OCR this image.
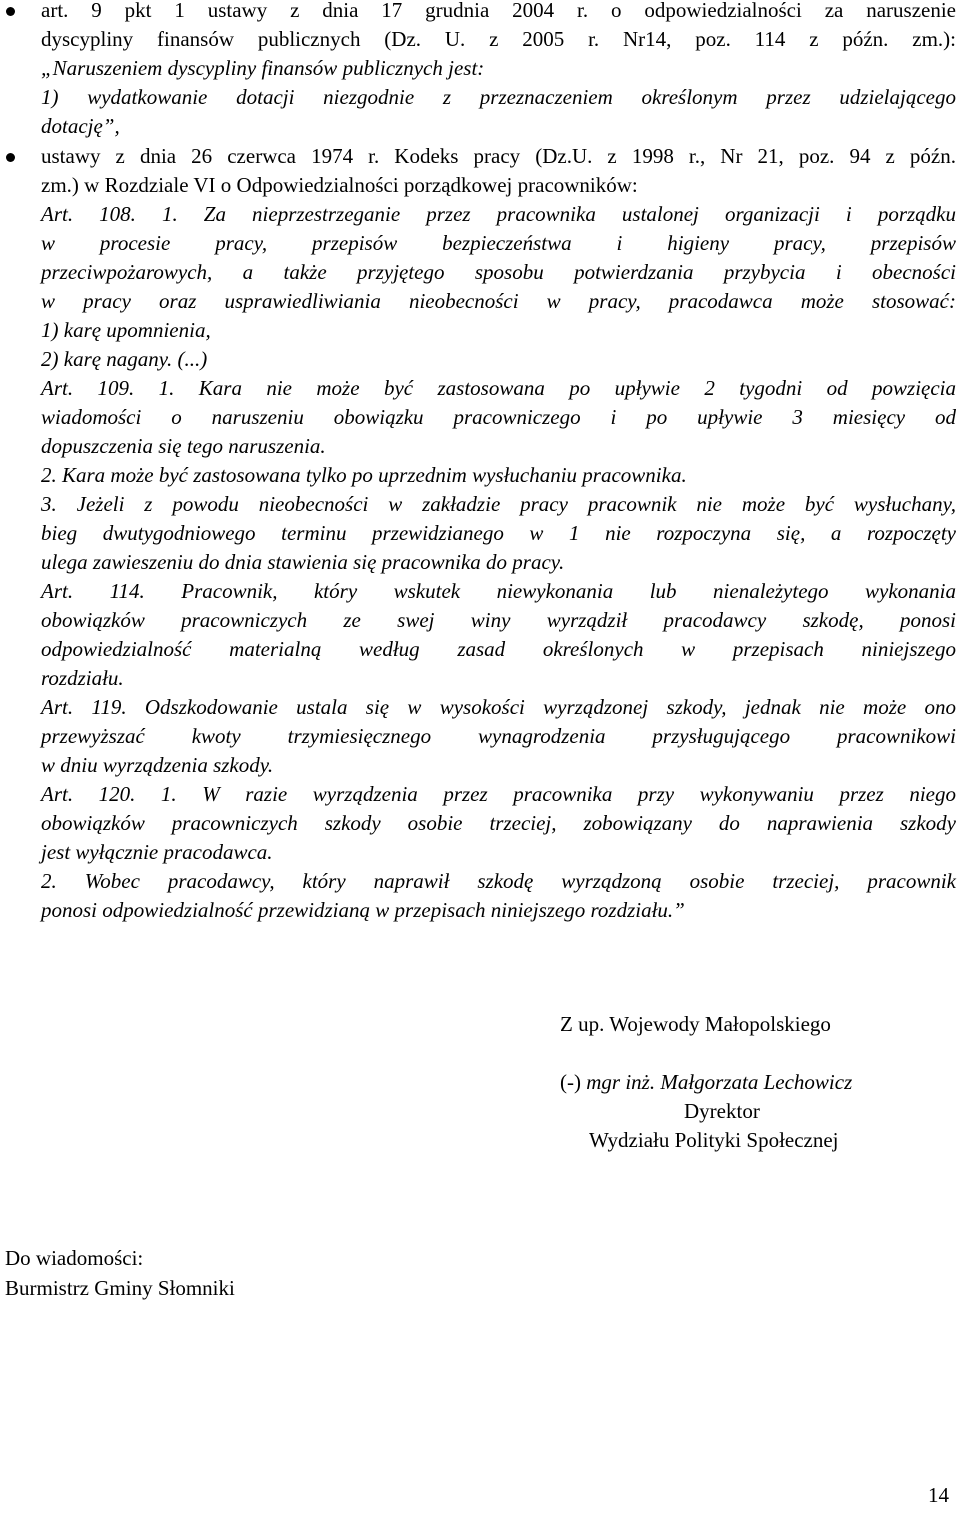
art. 9 pkt 1 ustawy z dnia 17 grudnia 2004 r. o odpowiedzialności za naruszenie
dyscypliny finansów publicznych (Dz. U. z 2005 r. Nr14, poz. 114 z późn. zm.):
„Naruszeniem dyscypliny finansów publicznych jest:
1) wydatkowanie dotacji niezgodnie z przeznaczeniem określonym przez udzielającego
dotację”,
ustawy z dnia 26 czerwca 1974 r. Kodeks pracy (Dz.U. z 1998 r., Nr 21, poz. 94 z późn.
zm.) w Rozdziale VI o Odpowiedzialności porządkowej pracowników:
Art. 108. 1. Za nieprzestrzeganie przez pracownika ustalonej organizacji i porządku
w procesie pracy, przepisów bezpieczeństwa i higieny pracy, przepisów
przeciwpożarowych, a także przyjętego sposobu potwierdzania przybycia i obecności
w pracy oraz usprawiedliwiania nieobecności w pracy, pracodawca może stosować:
1) karę upomnienia,
2) karę nagany. (...)
Art. 109. 1. Kara nie może być zastosowana po upływie 2 tygodni od powzięcia
wiadomości o naruszeniu obowiązku pracowniczego i po upływie 3 miesięcy od
dopuszczenia się tego naruszenia.
2. Kara może być zastosowana tylko po uprzednim wysłuchaniu pracownika.
3. Jeżeli z powodu nieobecności w zakładzie pracy pracownik nie może być wysłuchany,
bieg dwutygodniowego terminu przewidzianego w 1 nie rozpoczyna się, a rozpoczęty
ulega zawieszeniu do dnia stawienia się pracownika do pracy.
Art. 114. Pracownik, który wskutek niewykonania lub nienależytego wykonania
obowiązków pracowniczych ze swej winy wyrządził pracodawcy szkodę, ponosi
odpowiedzialność materialną według zasad określonych w przepisach niniejszego
rozdziału.
Art. 119. Odszkodowanie ustala się w wysokości wyrządzonej szkody, jednak nie może ono
przewyższać kwoty trzymiesięcznego wynagrodzenia przysługującego pracownikowi
w dniu wyrządzenia szkody.
Art. 120. 1. W razie wyrządzenia przez pracownika przy wykonywaniu przez niego
obowiązków pracowniczych szkody osobie trzeciej, zobowiązany do naprawienia szkody
jest wyłącznie pracodawca.
2. Wobec pracodawcy, który naprawił szkodę wyrządzoną osobie trzeciej, pracownik
ponosi odpowiedzialność przewidzianą w przepisach niniejszego rozdziału.”
Z up. Wojewody Małopolskiego
(-) mgr inż. Małgorzata Lechowicz
Dyrektor
Wydziału Polityki Społecznej
Do wiadomości:
Burmistrz Gminy Słomniki
14
